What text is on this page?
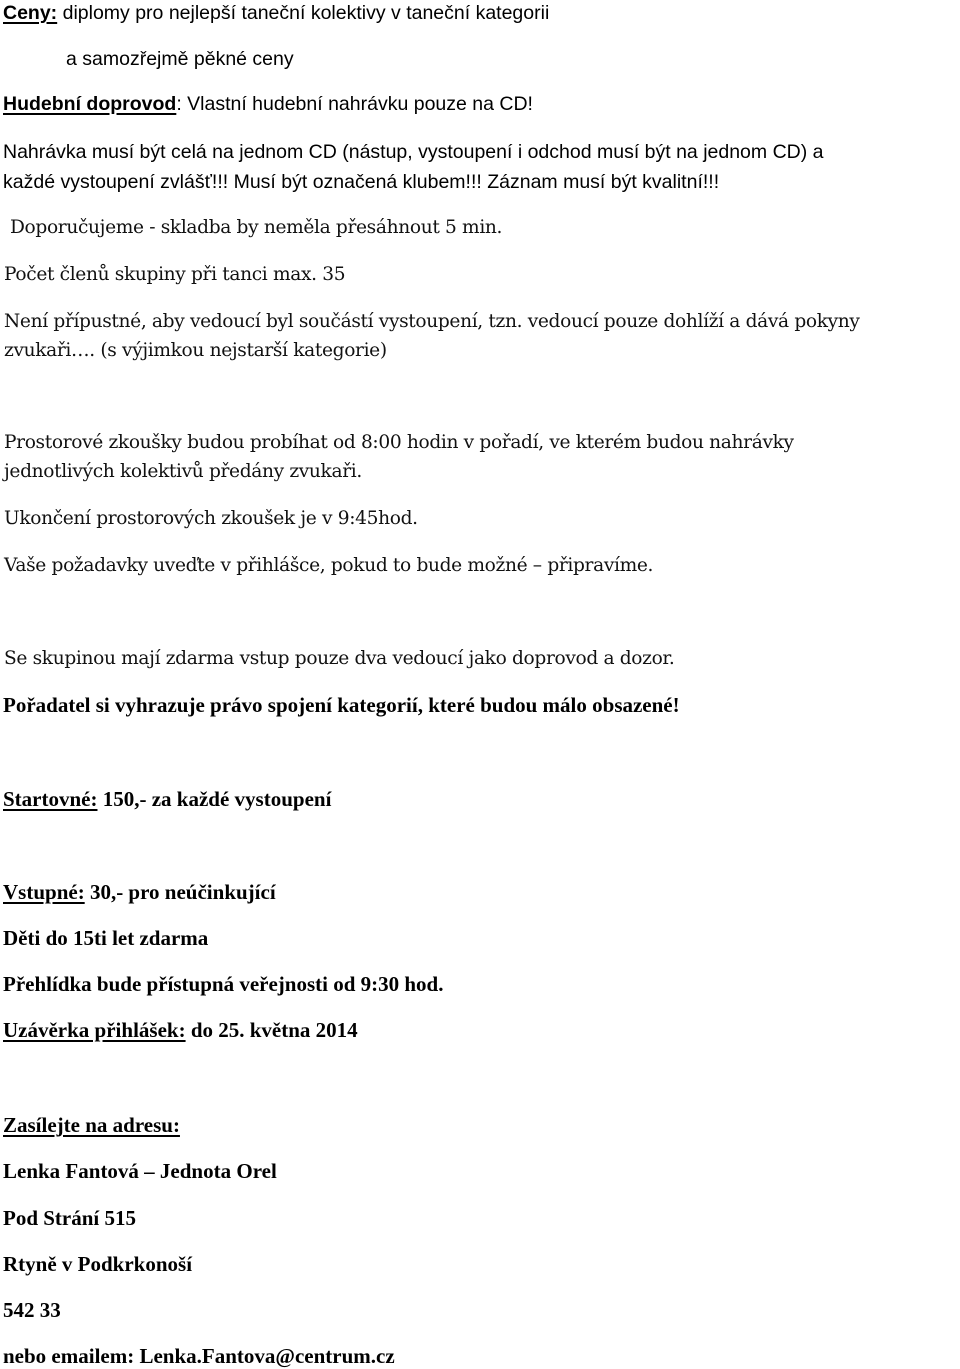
Ceny: diplomy pro nejlepší taneční kolektivy v taneční kategorii
a samozřejmě pěkné ceny
Hudební doprovod: Vlastní hudební nahrávku pouze na CD!
Nahrávka musí být celá na jednom CD (nástup, vystoupení i odchod musí být na jednom CD) a
každé vystoupení zvlášť!!! Musí být označená klubem!!! Záznam musí být kvalitní!!!
Doporučujeme - skladba by neměla přesáhnout 5 min.
Počet členů skupiny při tanci max. 35
Není přípustné, aby vedoucí byl součástí vystoupení, tzn. vedoucí pouze dohlíží a dává pokyny
zvukaři…. (s výjimkou nejstarší kategorie)
Prostorové zkoušky budou probíhat od 8:00 hodin v pořadí, ve kterém budou nahrávky
jednotlivých kolektivů předány zvukaři.
Ukončení prostorových zkoušek je v 9:45hod.
Vaše požadavky uveďte v přihlášce, pokud to bude možné – připravíme.
Se skupinou mají zdarma vstup pouze dva vedoucí jako doprovod a dozor.
Pořadatel si vyhrazuje právo spojení kategorií, které budou málo obsazené!
Startovné: 150,- za každé vystoupení
Vstupné: 30,- pro neúčinkující
Děti do 15ti let zdarma
Přehlídka bude přístupná veřejnosti od 9:30 hod.
Uzávěrka přihlášek: do 25. května 2014
Zasílejte na adresu:
Lenka Fantová – Jednota Orel
Pod Strání 515
Rtyně v Podkrkonoší
542 33
nebo emailem: Lenka.Fantova@centrum.cz
